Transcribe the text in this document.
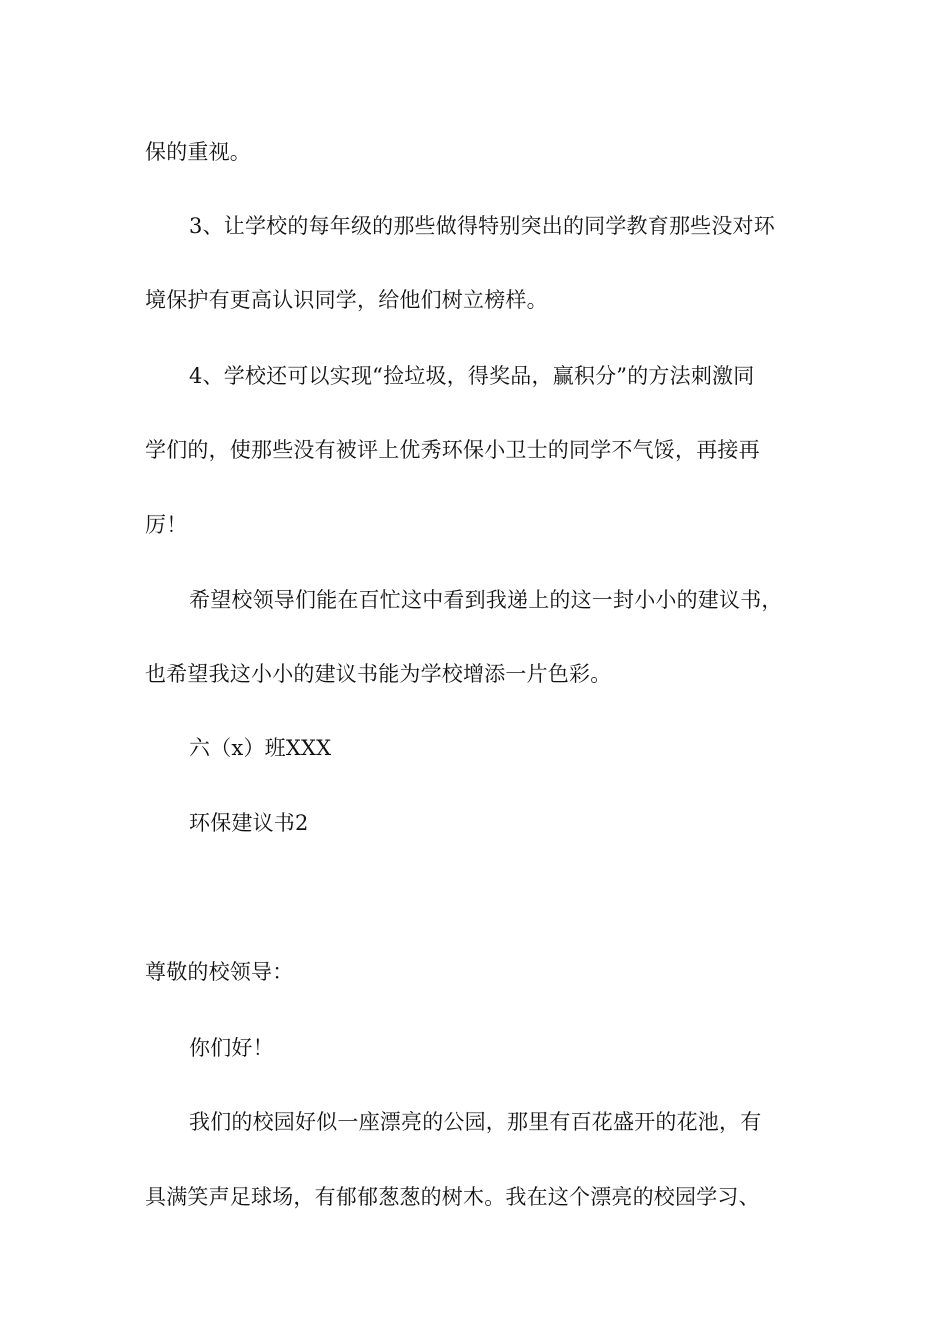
保的重视。
3、让学校的每年级的那些做得特别突出的同学教育那些没对环
境保护有更高认识同学，给他们树立榜样。
4、学校还可以实现“捡垃圾，得奖品，赢积分”的方法刺激同
学们的，使那些没有被评上优秀环保小卫士的同学不气馁，再接再
厉！
希望校领导们能在百忙这中看到我递上的这一封小小的建议书，
也希望我这小小的建议书能为学校增添一片色彩。
六（x）班XXX
环保建议书2
尊敬的校领导：
你们好！
我们的校园好似一座漂亮的公园，那里有百花盛开的花池，有
具满笑声足球场，有郁郁葱葱的树木。我在这个漂亮的校园学习、
